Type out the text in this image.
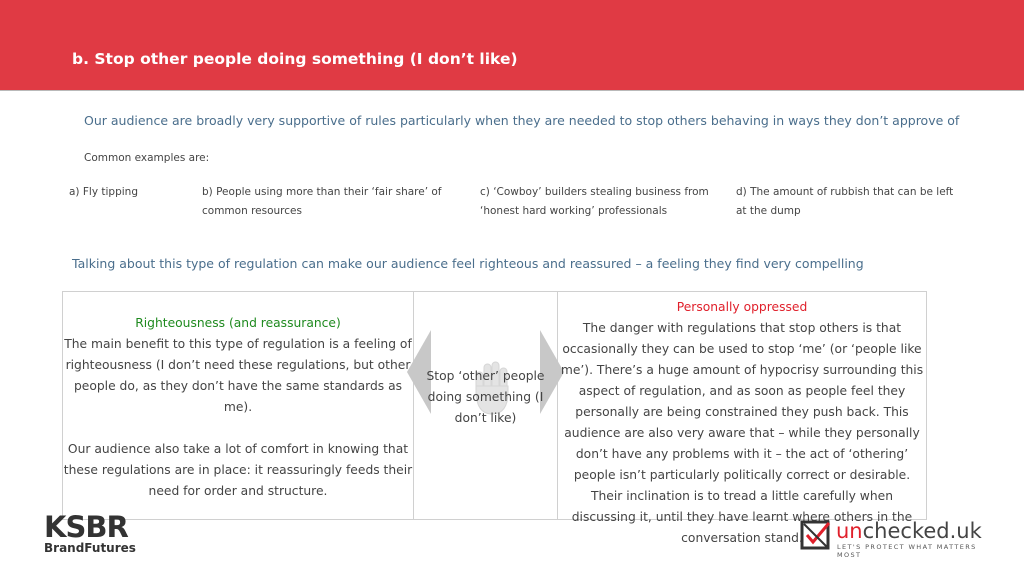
b. Stop other people doing something (I don’t like)
Our audience are broadly very supportive of rules particularly when they are needed to stop others behaving in ways they don’t approve of
Common examples are:
a) Fly tipping	b) People using more than their ‘fair share’ of
common resources
c) ‘Cowboy’ builders stealing business from
‘honest hard working’ professionals
d) The amount of rubbish that can be left
at the dump
Talking about this type of regulation can make our audience feel righteous and reassured – a feeling they find very compelling
Righteousness (and reassurance)
The main benefit to this type of regulation is a feeling of
righteousness (I don’t need these regulations, but other
people do, as they don’t have the same standards as
me).
Our audience also take a lot of comfort in knowing that
these regulations are in place: it reassuringly feeds their
need for order and structure.
Stop ‘other’ people
doing something (I
don’t like)
Personally oppressed
The danger with regulations that stop others is that
occasionally they can be used to stop ‘me’ (or ‘people like
me’). There’s a huge amount of hypocrisy surrounding this
aspect of regulation, and as soon as people feel they
personally are being constrained they push back. This
audience are also very aware that – while they personally
don’t have any problems with it – the act of ‘othering’
people isn’t particularly politically correct or desirable.
Their inclination is to tread a little carefully when
discussing it, until they have learnt where others in the
conversation stand.
KSBR
BrandFutures
unchecked.uk
LET'S PROTECT WHAT MATTERS MOST
